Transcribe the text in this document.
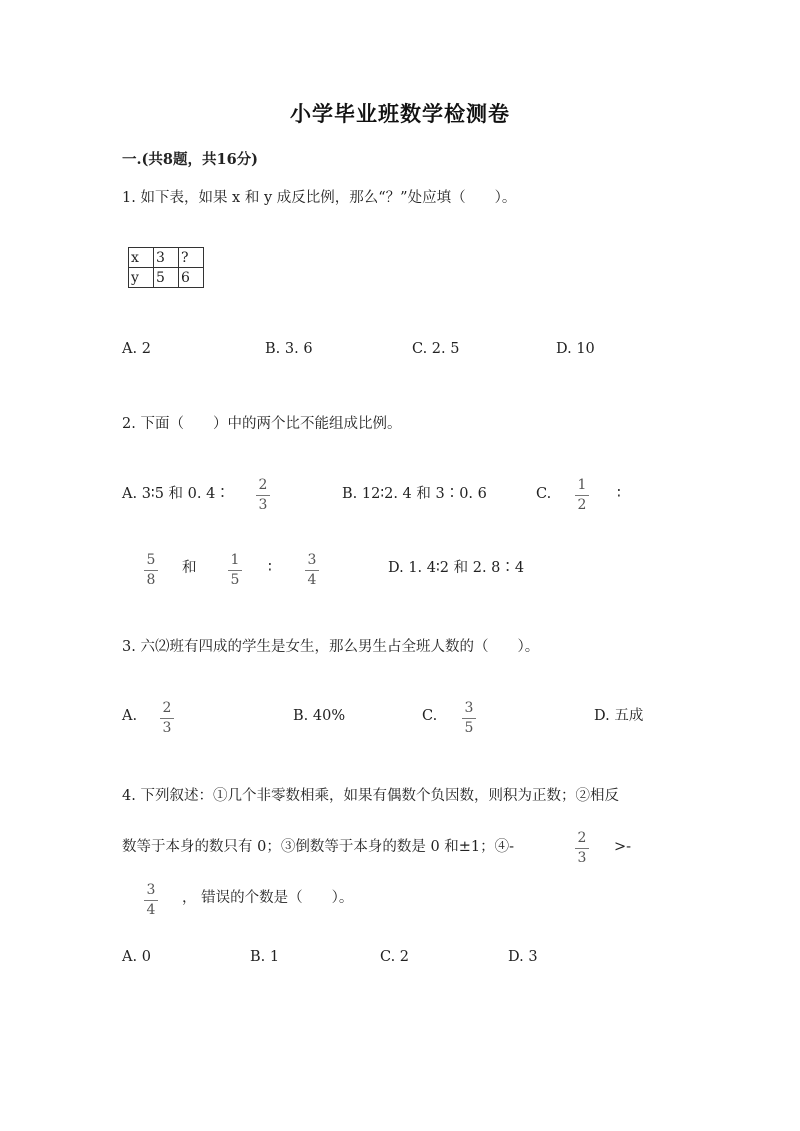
小学毕业班数学检测卷
一.(共8题，共16分)
1. 如下表，如果 x 和 y 成反比例，那么“？”处应填（　　）。
x	3	?
y	5	6
A. 2	B. 3. 6	C. 2. 5	D. 10
2. 下面（　　）中的两个比不能组成比例。
A. 3∶5 和 0. 4∶
2
3
B. 12∶2. 4 和 3∶0. 6	C.
1
2
∶
5
8
和 1
5
∶	3
4
D. 1. 4∶2 和 2. 8∶4
3. 六⑵班有四成的学生是女生，那么男生占全班人数的（　　）。
A. 2
3
B. 40%	C. 3
5
D. 五成
4. 下列叙述：①几个非零数相乘，如果有偶数个负因数，则积为正数；②相反
数等于本身的数只有 0；③倒数等于本身的数是 0 和±1；④-
2
3
>-
3
4
， 错误的个数是（　　）。
A. 0	B. 1	C. 2	D. 3
